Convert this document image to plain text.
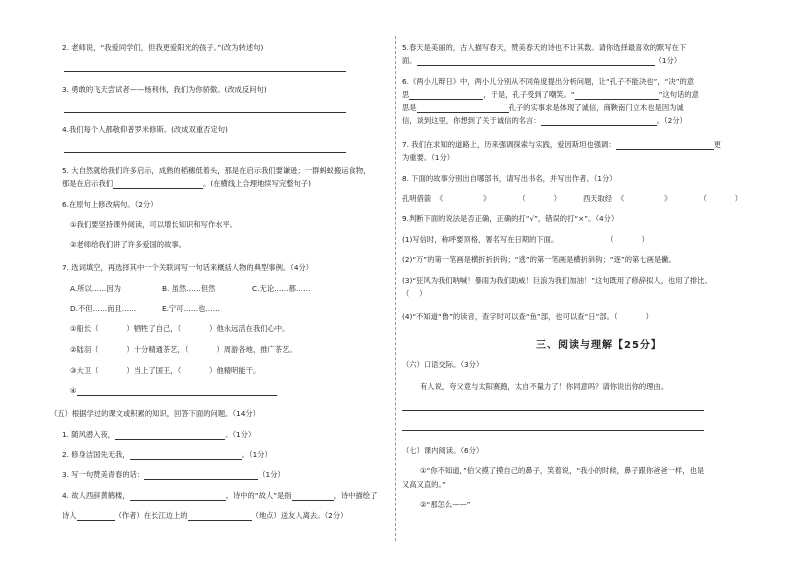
2. 老师说，“我爱同学们，但我更爱阳光的孩子。”(改为转述句)
3. 勇敢的飞天尝试者——杨利伟，我们为你骄傲。(改成反问句)
4.我们每个人都敬仰普罗米修斯。(改成双重否定句)
5. 大自然就给我们许多启示，成熟的稻穗低着头，那是在启示我们要谦逊；一群蚂蚁搬运食物，
那是在启示我们	。(在横线上合理地续写完整句子)
6.在原句上修改病句。（2分）
①我们要坚持课外阅读，可以增长知识和写作水平。
②老师给我们讲了许多爱国的故事。
7. 选词填空，再选择其中一个关联词写一句话来概括人物的典型事例。（4分）
A.所以……因为	B. 虽然……但然	C.无论……都……
D.不但……而且……	E.宁可……也……
①船长（	）牺牲了自己，（	）他永远活在我们心中。
②陆羽（	）十分精通茶艺，（	）周游各地，推广茶艺。
③大卫（	）当上了国王，（	）他精明能干。
④
（五）根据学过的课文或积累的知识，回答下面的问题。（14分）
1. 随风潜入夜，	。（1分）
2. 修身洁国先无我，	。（1分）
3. 写一句赞美青春的话：	（1分）
4. 故人西辞黄鹤楼，	。诗中的“故人”是指	，诗中描绘了
诗人	（作者）在长江边上的	（地点）送友人离去。（2分）
5.春天是美丽的，古人描写春天，赞美春天的诗也不计其数。请你选择最喜欢的默写在下
面。	（1分）
6.《两小儿辩日》中，两小儿分别从不同角度提出分析问题，让“孔子不能决也”，“决”的意
思	，于是，孔子受到了嘲笑。“	”这句话的意
思是	孔子的实事求是体现了诚信，商鞅南门立木也是因为诚
信，谈到这里，你想到了关于诚信的名言：	。（2分）
7. 我们在求知的道路上，历来强调探索与实践，爱因斯坦也强调：	更
为重要。（1分）
8. 下面的故事分别出自哪部书，请写出书名，并写出作者。（1分）
孔明借箭  《	》	（	）	西天取经  《	》	（	）
9.判断下面的说法是否正确，正确的打“√”，错误的打“×”。（4分）
(1)写信时，称呼要顶格，署名写在日期的下面。	（	）
(2)“万”的第一笔画是横折折折钩；“逃”的第一笔画是横折斜钩；“逐”的第七画是撇。
(3)“狂风为我们呐喊！暴雨为我们助威！巨浪为我们加油！”这句既用了修辞拟人，也用了排比。
（ ）
(4)“不知道“鲁”的读音，查字时可以查“鱼”部，也可以查“日”部。（	）
三、阅读与理解【25分】
（六）口语交际。（3分）
有人说，夸父竟与太阳赛跑，太自不量力了！你同意吗？请你说出你的理由。
（七）课内阅读。（6分）
①“你不知道，”伯父摸了摸自己的鼻子，笑着说，“我小的时候，鼻子跟你爸爸一样，也是
又高又直的。”
②“那怎么——”
